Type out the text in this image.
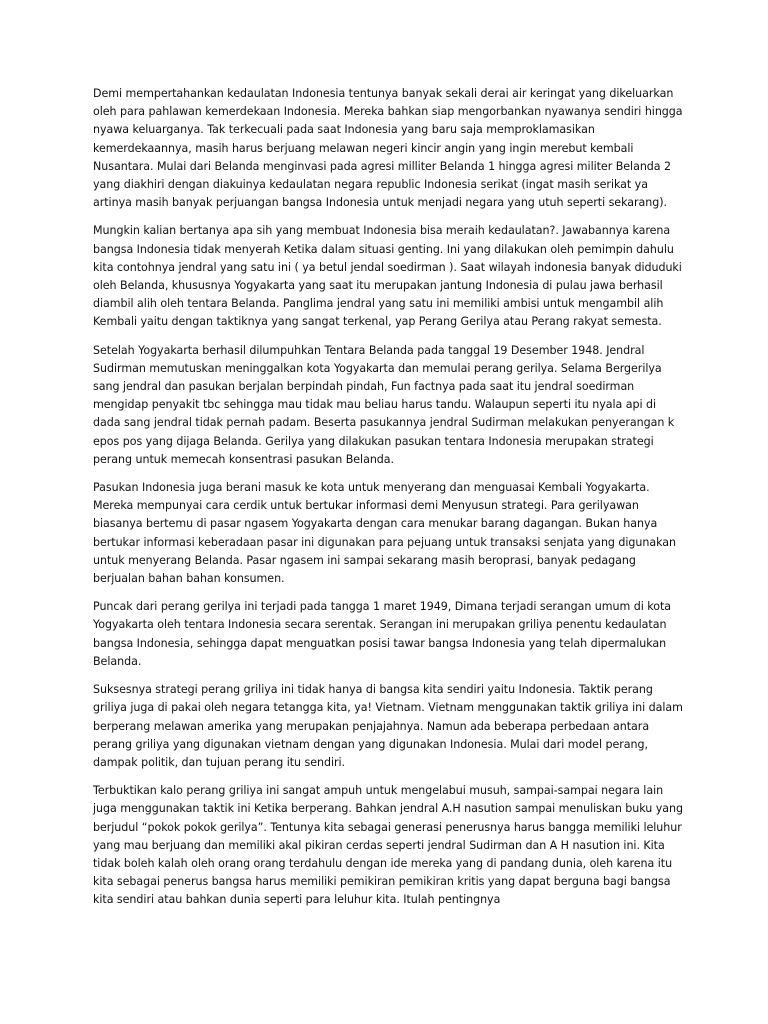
Demi mempertahankan kedaulatan Indonesia tentunya banyak sekali derai air keringat yang dikeluarkan oleh para pahlawan kemerdekaan Indonesia. Mereka bahkan siap mengorbankan nyawanya sendiri hingga nyawa keluarganya. Tak terkecuali pada saat Indonesia yang baru saja memproklamasikan kemerdekaannya, masih harus berjuang melawan negeri kincir angin yang ingin merebut kembali Nusantara. Mulai dari Belanda menginvasi pada agresi milliter Belanda 1 hingga agresi militer Belanda 2 yang diakhiri dengan diakuinya kedaulatan negara republic Indonesia serikat (ingat masih serikat ya artinya masih banyak perjuangan bangsa Indonesia untuk menjadi negara yang utuh seperti sekarang).

Mungkin kalian bertanya apa sih yang membuat Indonesia bisa meraih kedaulatan?. Jawabannya karena bangsa Indonesia tidak menyerah Ketika dalam situasi genting. Ini yang dilakukan oleh pemimpin dahulu kita contohnya jendral yang satu ini ( ya betul jendal soedirman ). Saat wilayah indonesia banyak diduduki oleh Belanda, khususnya Yogyakarta yang saat itu merupakan jantung Indonesia di pulau jawa berhasil diambil alih oleh tentara Belanda. Panglima jendral yang satu ini memiliki ambisi untuk mengambil alih Kembali yaitu dengan taktiknya yang sangat terkenal, yap Perang Gerilya atau Perang rakyat semesta.

Setelah Yogyakarta berhasil dilumpuhkan Tentara Belanda pada tanggal 19 Desember 1948. Jendral Sudirman memutuskan meninggalkan kota Yogyakarta dan memulai perang gerilya. Selama Bergerilya sang jendral dan pasukan berjalan berpindah pindah, Fun factnya pada saat itu jendral soedirman mengidap penyakit tbc sehingga mau tidak mau beliau harus tandu. Walaupun seperti itu nyala api di dada sang jendral tidak pernah padam. Beserta pasukannya jendral Sudirman melakukan penyerangan k epos pos yang dijaga Belanda. Gerilya yang dilakukan pasukan tentara Indonesia merupakan strategi perang untuk memecah konsentrasi pasukan Belanda.

Pasukan Indonesia juga berani masuk ke kota untuk menyerang dan menguasai Kembali Yogyakarta. Mereka mempunyai cara cerdik untuk bertukar informasi demi Menyusun strategi. Para gerilyawan biasanya bertemu di pasar ngasem Yogyakarta dengan cara menukar barang dagangan. Bukan hanya bertukar informasi keberadaan pasar ini digunakan para pejuang untuk transaksi senjata yang digunakan untuk menyerang Belanda. Pasar ngasem ini sampai sekarang masih beroprasi, banyak pedagang berjualan bahan bahan konsumen.

Puncak dari perang gerilya ini terjadi pada tangga 1 maret 1949, Dimana terjadi serangan umum di kota Yogyakarta oleh tentara Indonesia secara serentak. Serangan ini merupakan griliya penentu kedaulatan bangsa Indonesia, sehingga dapat menguatkan posisi tawar bangsa Indonesia yang telah dipermalukan Belanda.

Suksesnya strategi perang griliya ini tidak hanya di bangsa kita sendiri yaitu Indonesia. Taktik perang griliya juga di pakai oleh negara tetangga kita, ya! Vietnam. Vietnam menggunakan taktik griliya ini dalam berperang melawan amerika yang merupakan penjajahnya. Namun ada beberapa perbedaan antara perang griliya yang digunakan vietnam dengan yang digunakan Indonesia. Mulai dari model perang, dampak politik, dan tujuan perang itu sendiri.

Terbuktikan kalo perang griliya ini sangat ampuh untuk mengelabui musuh, sampai-sampai negara lain juga menggunakan taktik ini Ketika berperang. Bahkan jendral A.H nasution sampai menuliskan buku yang berjudul “pokok pokok gerilya”. Tentunya kita sebagai generasi penerusnya harus bangga memiliki leluhur yang mau berjuang dan memiliki akal pikiran cerdas seperti jendral Sudirman dan A H nasution ini. Kita tidak boleh kalah oleh orang orang terdahulu dengan ide mereka yang di pandang dunia, oleh karena itu kita sebagai penerus bangsa harus memiliki pemikiran pemikiran kritis yang dapat berguna bagi bangsa kita sendiri atau bahkan dunia seperti para leluhur kita. Itulah pentingnya
